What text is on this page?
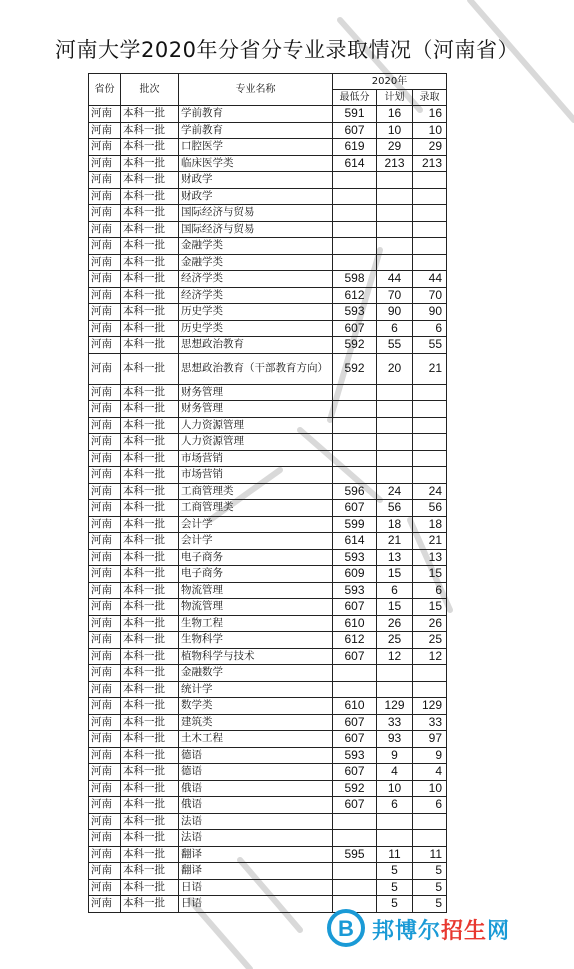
河南大学2020年分省分专业录取情况（河南省）
省份	批次	专业名称	2020年		
			最低分	计划	录取
河南	本科一批	学前教育	591	16	16
河南	本科一批	学前教育	607	10	10
河南	本科一批	口腔医学	619	29	29
河南	本科一批	临床医学类	614	213	213
河南	本科一批	财政学			
河南	本科一批	财政学			
河南	本科一批	国际经济与贸易			
河南	本科一批	国际经济与贸易			
河南	本科一批	金融学类			
河南	本科一批	金融学类			
河南	本科一批	经济学类	598	44	44
河南	本科一批	经济学类	612	70	70
河南	本科一批	历史学类	593	90	90
河南	本科一批	历史学类	607	6	6
河南	本科一批	思想政治教育	592	55	55
河南	本科一批	思想政治教育（干部教育方向）	592	20	21
河南	本科一批	财务管理			
河南	本科一批	财务管理			
河南	本科一批	人力资源管理			
河南	本科一批	人力资源管理			
河南	本科一批	市场营销			
河南	本科一批	市场营销			
河南	本科一批	工商管理类	596	24	24
河南	本科一批	工商管理类	607	56	56
河南	本科一批	会计学	599	18	18
河南	本科一批	会计学	614	21	21
河南	本科一批	电子商务	593	13	13
河南	本科一批	电子商务	609	15	15
河南	本科一批	物流管理	593	6	6
河南	本科一批	物流管理	607	15	15
河南	本科一批	生物工程	610	26	26
河南	本科一批	生物科学	612	25	25
河南	本科一批	植物科学与技术	607	12	12
河南	本科一批	金融数学			
河南	本科一批	统计学			
河南	本科一批	数学类	610	129	129
河南	本科一批	建筑类	607	33	33
河南	本科一批	土木工程	607	93	97
河南	本科一批	德语	593	9	9
河南	本科一批	德语	607	4	4
河南	本科一批	俄语	592	10	10
河南	本科一批	俄语	607	6	6
河南	本科一批	法语			
河南	本科一批	法语			
河南	本科一批	翻译	595	11	11
河南	本科一批	翻译		5	5
河南	本科一批	日语		5	5
河南	本科一批	日语		5	5
B 邦博尔招生网
